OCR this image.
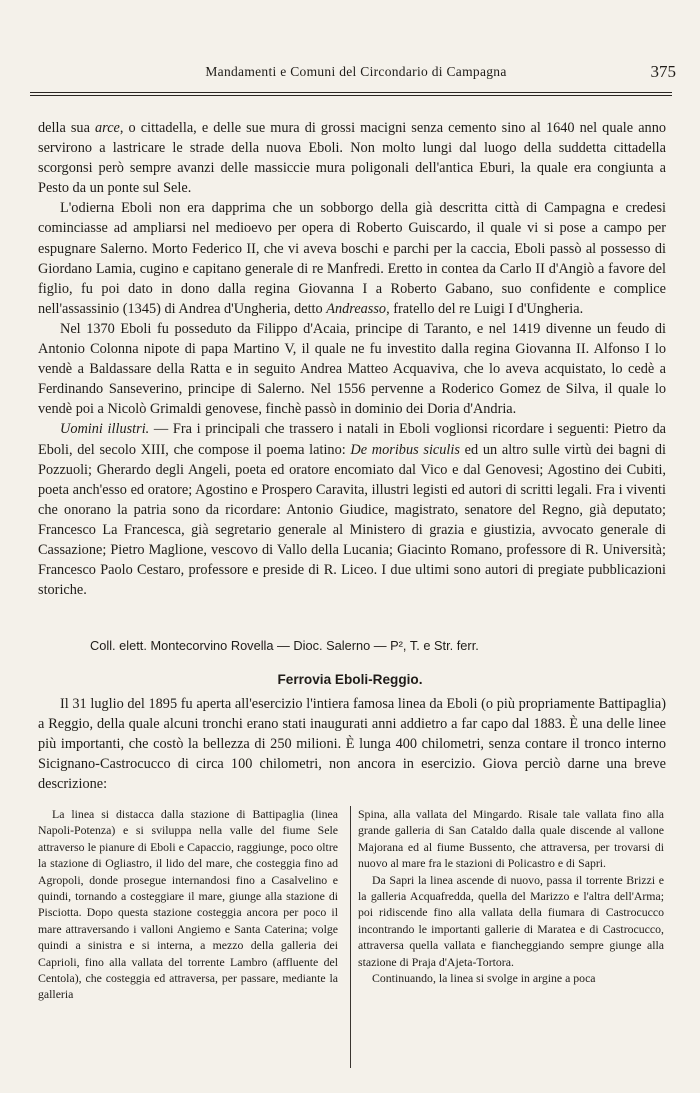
Mandamenti e Comuni del Circondario di Campagna	375

della sua arce, o cittadella, e delle sue mura di grossi macigni senza cemento sino al 1640 nel quale anno servirono a lastricare le strade della nuova Eboli. Non molto lungi dal luogo della suddetta cittadella scorgonsi però sempre avanzi delle massiccie mura poligonali dell'antica Eburi, la quale era congiunta a Pesto da un ponte sul Sele.

L'odierna Eboli non era dapprima che un sobborgo della già descritta città di Campagna e credesi cominciasse ad ampliarsi nel medioevo per opera di Roberto Guiscardo, il quale vi si pose a campo per espugnare Salerno. Morto Federico II, che vi aveva boschi e parchi per la caccia, Eboli passò al possesso di Giordano Lamia, cugino e capitano generale di re Manfredi. Eretto in contea da Carlo II d'Angiò a favore del figlio, fu poi dato in dono dalla regina Giovanna I a Roberto Gabano, suo confidente e complice nell'assassinio (1345) di Andrea d'Ungheria, detto Andreasso, fratello del re Luigi I d'Ungheria.

Nel 1370 Eboli fu posseduto da Filippo d'Acaia, principe di Taranto, e nel 1419 divenne un feudo di Antonio Colonna nipote di papa Martino V, il quale ne fu investito dalla regina Giovanna II. Alfonso I lo vendè a Baldassare della Ratta e in seguito Andrea Matteo Acquaviva, che lo aveva acquistato, lo cedè a Ferdinando Sanseverino, principe di Salerno. Nel 1556 pervenne a Roderico Gomez de Silva, il quale lo vendè poi a Nicolò Grimaldi genovese, finchè passò in dominio dei Doria d'Andria.

Uomini illustri. — Fra i principali che trassero i natali in Eboli voglionsi ricordare i seguenti: Pietro da Eboli, del secolo XIII, che compose il poema latino: De moribus siculis ed un altro sulle virtù dei bagni di Pozzuoli; Gherardo degli Angeli, poeta ed oratore encomiato dal Vico e dal Genovesi; Agostino dei Cubiti, poeta anch'esso ed oratore; Agostino e Prospero Caravita, illustri legisti ed autori di scritti legali. Fra i viventi che onorano la patria sono da ricordare: Antonio Giudice, magistrato, senatore del Regno, già deputato; Francesco La Francesca, già segretario generale al Ministero di grazia e giustizia, avvocato generale di Cassazione; Pietro Maglione, vescovo di Vallo della Lucania; Giacinto Romano, professore di R. Università; Francesco Paolo Cestaro, professore e preside di R. Liceo. I due ultimi sono autori di pregiate pubblicazioni storiche.

Coll. elett. Montecorvino Rovella — Dioc. Salerno — P², T. e Str. ferr.
Ferrovia Eboli-Reggio.

Il 31 luglio del 1895 fu aperta all'esercizio l'intiera famosa linea da Eboli (o più propriamente Battipaglia) a Reggio, della quale alcuni tronchi erano stati inaugurati anni addietro a far capo dal 1883. È una delle linee più importanti, che costò la bellezza di 250 milioni. È lunga 400 chilometri, senza contare il tronco interno Sicignano-Castrocucco di circa 100 chilometri, non ancora in esercizio. Giova perciò darne una breve descrizione:

La linea si distacca dalla stazione di Battipaglia (linea Napoli-Potenza) e si sviluppa nella valle del fiume Sele attraverso le pianure di Eboli e Capaccio, raggiunge, poco oltre la stazione di Ogliastro, il lido del mare, che costeggia fino ad Agropoli, donde prosegue internandosi fino a Casalvelino e quindi, tornando a costeggiare il mare, giunge alla stazione di Pisciotta. Dopo questa stazione costeggia ancora per poco il mare attraversando i valloni Angiemo e Santa Caterina; volge quindi a sinistra e si interna, a mezzo della galleria dei Caprioli, fino alla vallata del torrente Lambro (affluente del Centola), che costeggia ed attraversa, per passare, mediante la galleria

Spina, alla vallata del Mingardo. Risale tale vallata fino alla grande galleria di San Cataldo dalla quale discende al vallone Majorana ed al fiume Bussento, che attraversa, per trovarsi di nuovo al mare fra le stazioni di Policastro e di Sapri.

Da Sapri la linea ascende di nuovo, passa il torrente Brizzi e la galleria Acquafredda, quella del Marizzo e l'altra dell'Arma; poi ridiscende fino alla vallata della fiumara di Castrocucco incontrando le importanti gallerie di Maratea e di Castrocucco, attraversa quella vallata e fiancheggiando sempre giunge alla stazione di Praja d'Ajeta-Tortora.

Continuando, la linea si svolge in argine a poca
